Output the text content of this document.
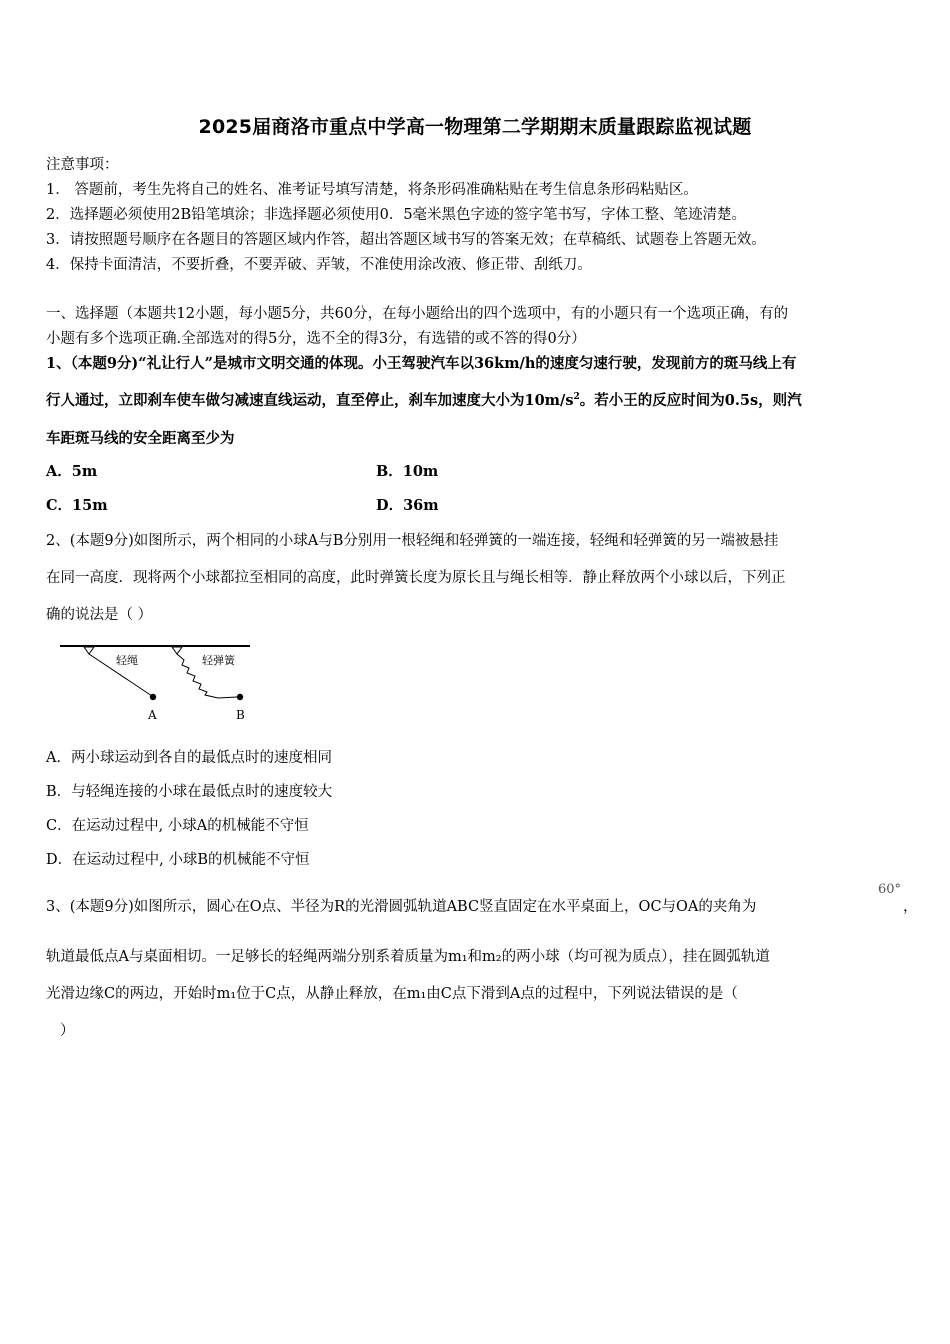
2025届商洛市重点中学高一物理第二学期期末质量跟踪监视试题
注意事项：
1． 答题前，考生先将自己的姓名、准考证号填写清楚，将条形码准确粘贴在考生信息条形码粘贴区。
2．选择题必须使用2B铅笔填涂；非选择题必须使用0．5毫米黑色字迹的签字笔书写，字体工整、笔迹清楚。
3．请按照题号顺序在各题目的答题区域内作答，超出答题区域书写的答案无效；在草稿纸、试题卷上答题无效。
4．保持卡面清洁，不要折叠，不要弄破、弄皱，不准使用涂改液、修正带、刮纸刀。
一、选择题（本题共12小题，每小题5分，共60分，在每小题给出的四个选项中，有的小题只有一个选项正确，有的
小题有多个选项正确.全部选对的得5分，选不全的得3分，有选错的或不答的得0分）
1、（本题9分)“礼让行人”是城市文明交通的体现。小王驾驶汽车以36km/h的速度匀速行驶，发现前方的斑马线上有
行人通过，立即刹车使车做匀减速直线运动，直至停止，刹车加速度大小为$10m/s^2$。若小王的反应时间为0.5s，则汽
车距斑马线的安全距离至少为
A．5m	B．10m
C．15m	D．36m
2、(本题9分)如图所示，两个相同的小球A与B分别用一根轻绳和轻弹簧的一端连接，轻绳和轻弹簧的另一端被悬挂
在同一高度．现将两个小球都拉至相同的高度，此时弹簧长度为原长且与绳长相等．静止释放两个小球以后，下列正
确的说法是（ ）
轻绳	轻弹簧
A	B
A．两小球运动到各自的最低点时的速度相同
B．与轻绳连接的小球在最低点时的速度较大
C．在运动过程中, 小球A的机械能不守恒
D．在运动过程中, 小球B的机械能不守恒
3、(本题9分)如图所示，圆心在O点、半径为R的光滑圆弧轨道ABC竖直固定在水平桌面上，OC与OA的夹角为
60°
，
轨道最低点A与桌面相切。一足够长的轻绳两端分别系着质量为m₁和m₂的两小球（均可视为质点），挂在圆弧轨道
光滑边缘C的两边，开始时m₁位于C点，从静止释放，在m₁由C点下滑到A点的过程中，下列说法错误的是（
）
